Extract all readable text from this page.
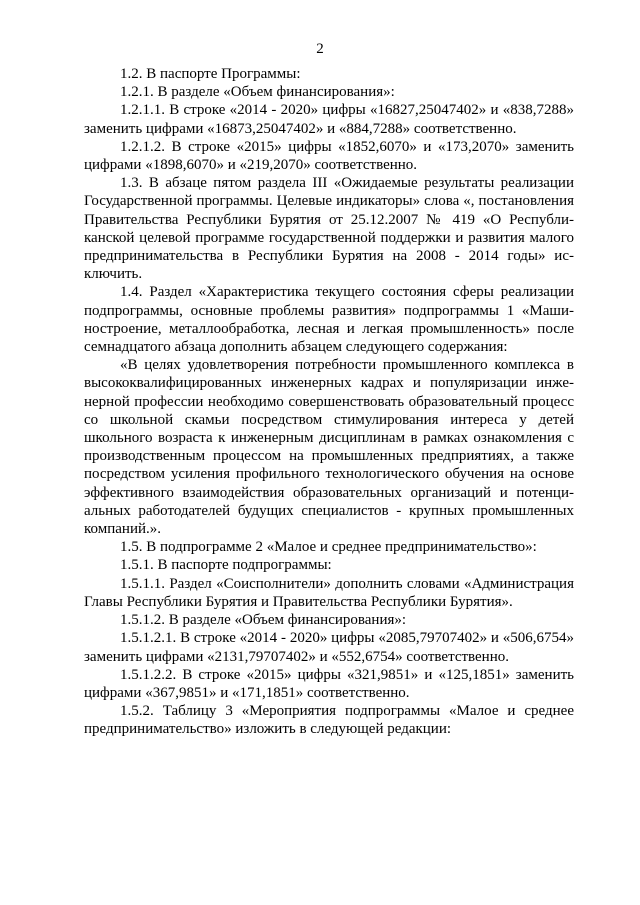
2

1.2. В паспорте Программы:

1.2.1. В разделе «Объем финансирования»:

1.2.1.1. В строке «2014 - 2020» цифры «16827,25047402» и «838,7288» заменить цифрами «16873,25047402» и «884,7288» соответственно.

1.2.1.2. В строке «2015» цифры «1852,6070» и «173,2070» заменить цифрами «1898,6070» и «219,2070» соответственно.

1.3. В абзаце пятом раздела III «Ожидаемые результаты реализации Государственной программы. Целевые индикаторы» слова «, постановления Правительства Республики Бурятия от 25.12.2007 № 419 «О Республиканской целевой программе государственной поддержки и развития малого предпринимательства в Республики Бурятия на 2008 - 2014 годы» исключить.

1.4. Раздел «Характеристика текущего состояния сферы реализации подпрограммы, основные проблемы развития» подпрограммы 1 «Машиностроение, металлообработка, лесная и легкая промышленность» после семнадцатого абзаца дополнить абзацем следующего содержания:

«В целях удовлетворения потребности промышленного комплекса в высококвалифицированных инженерных кадрах и популяризации инженерной профессии необходимо совершенствовать образовательный процесс со школьной скамьи посредством стимулирования интереса у детей школьного возраста к инженерным дисциплинам в рамках ознакомления с производственным процессом на промышленных предприятиях, а также посредством усиления профильного технологического обучения на основе эффективного взаимодействия образовательных организаций и потенциальных работодателей будущих специалистов - крупных промышленных компаний.».

1.5. В подпрограмме 2 «Малое и среднее предпринимательство»:

1.5.1. В паспорте подпрограммы:

1.5.1.1. Раздел «Соисполнители» дополнить словами «Администрация Главы Республики Бурятия и Правительства Республики Бурятия».

1.5.1.2. В разделе «Объем финансирования»:

1.5.1.2.1. В строке «2014 - 2020» цифры «2085,79707402» и «506,6754» заменить цифрами «2131,79707402» и «552,6754» соответственно.

1.5.1.2.2. В строке «2015» цифры «321,9851» и «125,1851» заменить цифрами «367,9851» и «171,1851» соответственно.

1.5.2. Таблицу 3 «Мероприятия подпрограммы «Малое и среднее предпринимательство» изложить в следующей редакции:
